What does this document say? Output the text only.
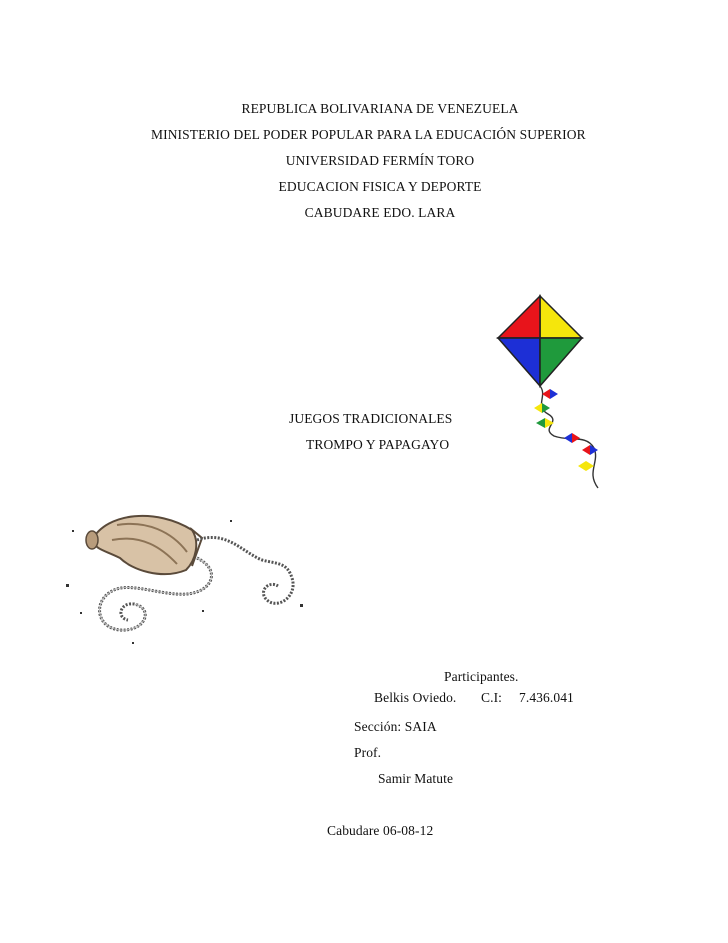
REPUBLICA BOLIVARIANA DE VENEZUELA
MINISTERIO DEL PODER POPULAR PARA LA EDUCACIÓN SUPERIOR
UNIVERSIDAD FERMÍN TORO
EDUCACION FISICA Y DEPORTE
CABUDARE EDO. LARA
JUEGOS TRADICIONALES
TROMPO Y PAPAGAYO
Participantes.
Belkis Oviedo. C.I: 7.436.041
Sección: SAIA
Prof.
Samir Matute
Cabudare 06-08-12
